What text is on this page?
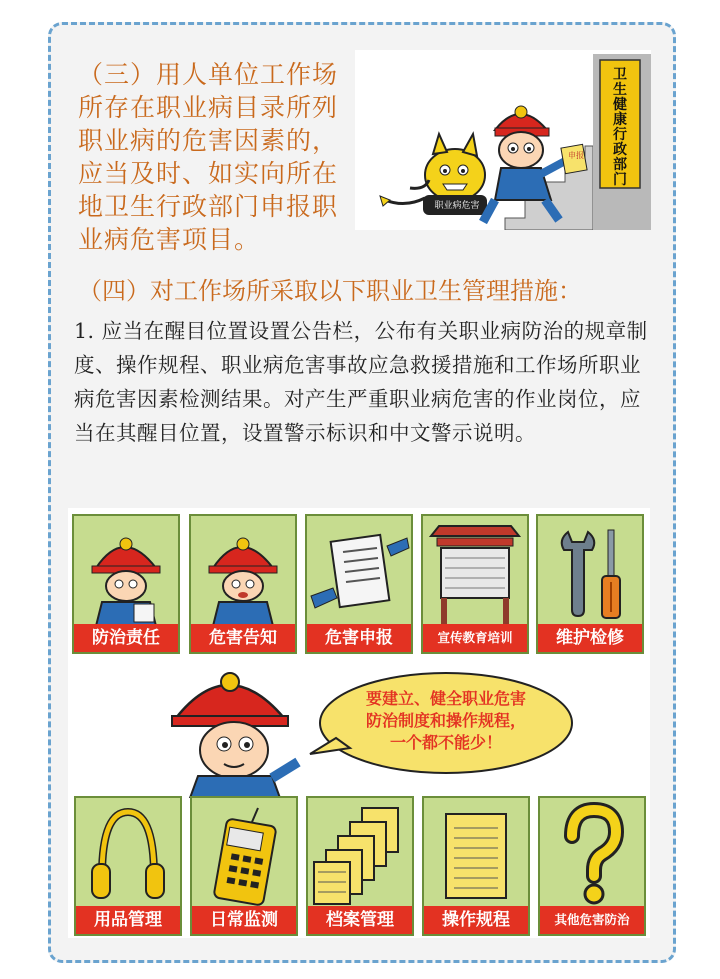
（三）用人单位工作场所存在职业病目录所列职业病的危害因素的，应当及时、如实向所在地卫生行政部门申报职业病危害项目。
卫
生
健
康
行
政
部
门
职业病危害
申报
（四）对工作场所采取以下职业卫生管理措施：
1. 应当在醒目位置设置公告栏，公布有关职业病防治的规章制度、操作规程、职业病危害事故应急救援措施和工作场所职业病危害因素检测结果。对产生严重职业病危害的作业岗位，应当在其醒目位置，设置警示标识和中文警示说明。
防治责任	危害告知	危害申报	宣传教育培训	维护检修
要建立、健全职业危害
防治制度和操作规程，
一个都不能少！
用品管理	日常监测	档案管理	操作规程	其他危害防治
